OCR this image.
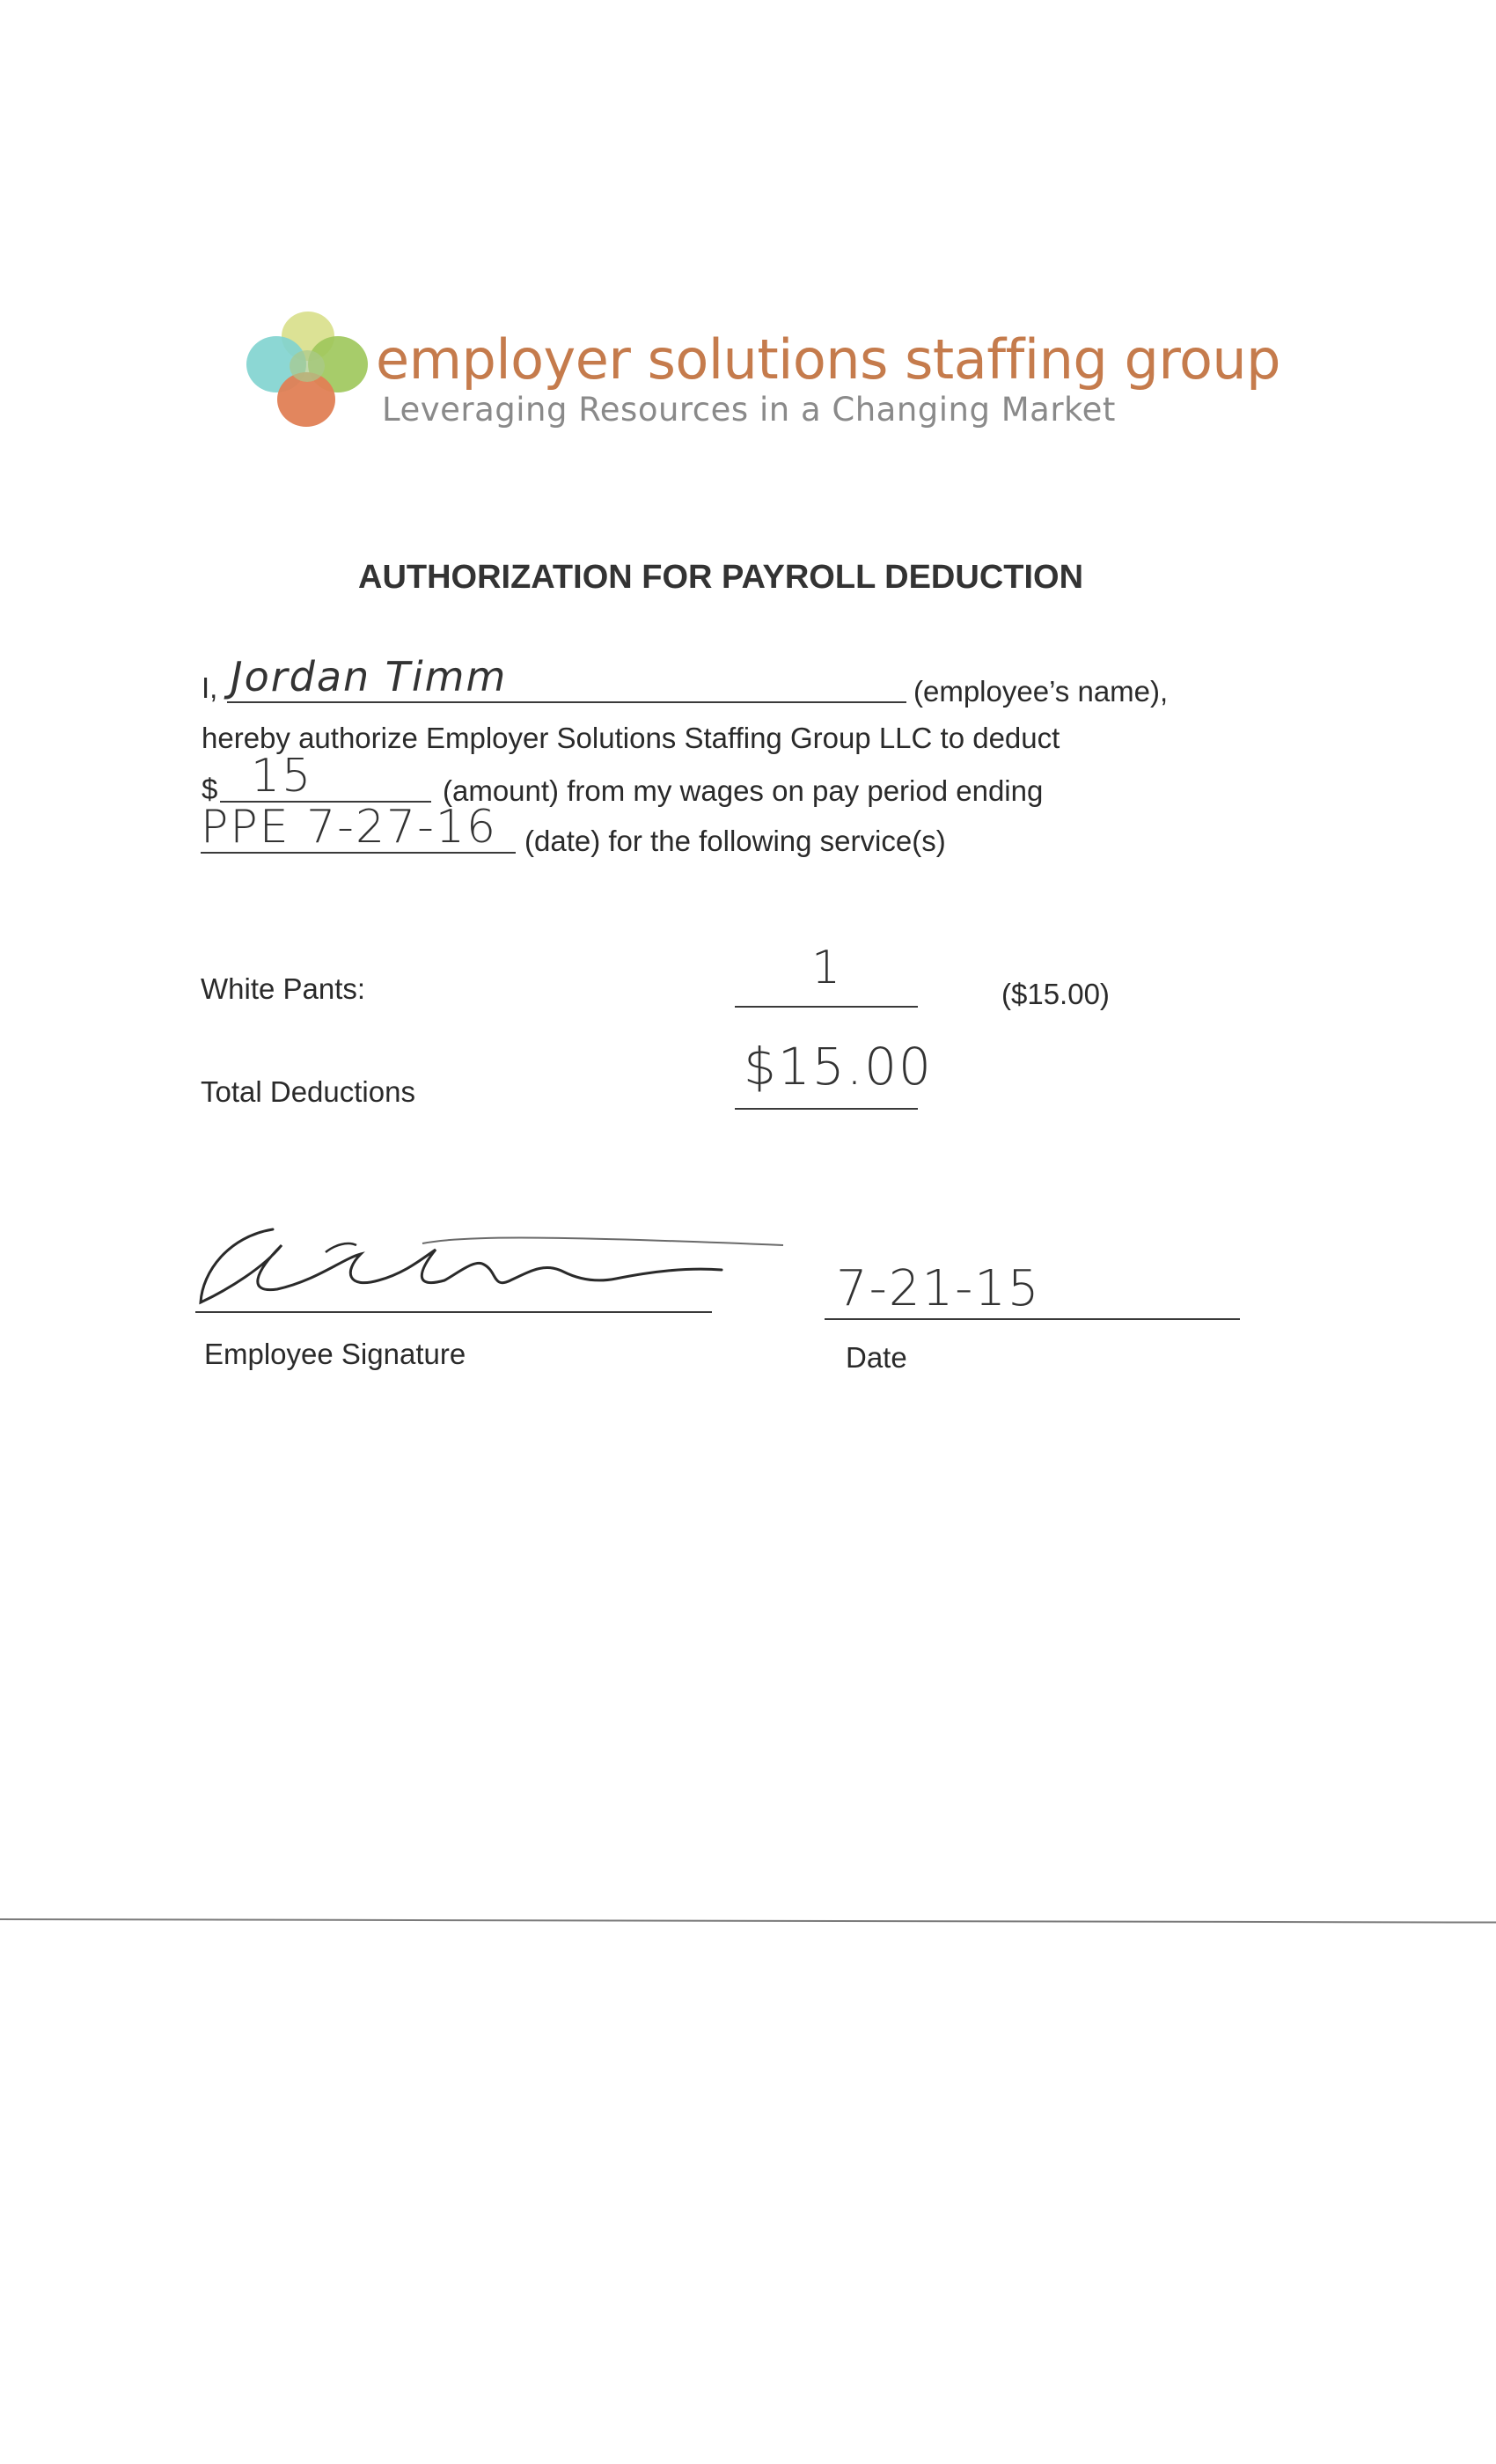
employer solutions staffing group
Leveraging Resources in a Changing Market
AUTHORIZATION FOR PAYROLL DEDUCTION
I, Jordan Timm	(employee’s name),
hereby authorize Employer Solutions Staffing Group LLC to deduct
$ 15	(amount) from my wages on pay period ending
PPE 7-27-16 (date) for the following service(s)
White Pants:	1	($15.00)
Total Deductions	$15.00
Employee Signature
7-21-15
Date
